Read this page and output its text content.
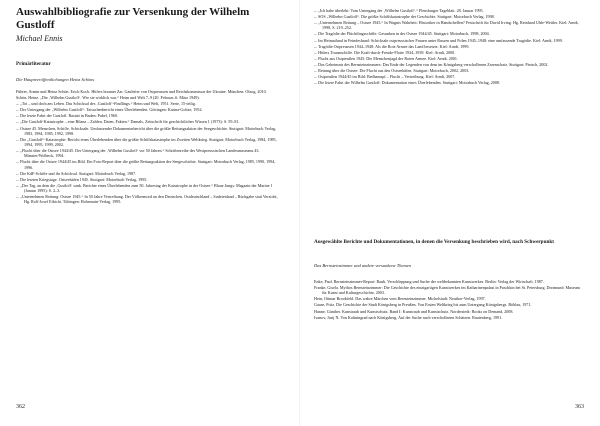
Auswahlbibliografie zur Versenkung der Wilhelm Gustloff
Michael Ennis
Primärliteratur
Die Hauptveröffentlichungen Heinz Schöns
Führer, Armin und Heinz Schön. Erich Koch. Hitlers brauner Zar. Gauleiter von Ostpreussen und Reichskommissar der Ukraine. München: Olzog, 2010.
Schön, Heinz. „Die ‚Wilhelm Gustloff‘. Wie sie wirklich war.“ Heim und Welt 7–9 (20. Februar–6. März 1949).
–. „Tot – und doch am Leben. Das Schicksal des ‚Gustloff‘-Findlings.“ Heim und Welt, 1951. Serie, 15-teilig.
–. Der Untergang der „Wilhelm Gustloff“: Tatsachenbericht eines Überlebenden. Göttingen: Karina-Goltze, 1952.
–. Die letzte Fahrt der Gustloff. Rastatt in Baden: Pabel, 1960.
–. „Die Gustloff-Katastrophe – eine Bilanz – Zahlen, Daten, Fakten.“ Damals, Zeitschrift für geschichtliches Wissen 1 (1973): S. 59–81.
–. Ostsee 45. Menschen, Schiffe, Schicksale. Umfassender Dokumentarbericht über die größte Rettungsaktion der Seegeschichte. Stuttgart: Motorbuch Verlag, 1983, 1984, 1985, 1992, 1998.
–. Die „Gustloff“-Katastrophe: Bericht eines Überlebenden über die größte Schiffskatastrophe im Zweiten Weltkrieg. Stuttgart: Motorbuch Verlag, 1984, 1985, 1994, 1995, 1999, 2002.
–. „Flucht über die Ostsee 1944/45. Der Untergang der ‚Wilhelm Gustloff‘ vor 50 Jahren.“ Schriftenreihe des Westpreussischen Landesmuseums 43. Münster/Wolbeck, 1994.
–. Flucht über die Ostsee 1944/45 im Bild. Ein Foto-Report über die größte Rettungsaktion der Seegeschichte. Stuttgart: Motorbuch Verlag, 1985, 1990, 1994, 1996.
–. Die KdF-Schiffe und ihr Schicksal. Stuttgart: Motorbuch Verlag, 1987.
–. Die letzten Kriegstage. Ostseehäfen 1945. Stuttgart: Motorbuch Verlag, 1995.
–. „Der Tag, an dem die ‚Gustloff‘ sank. Berichte eines Überlebenden zum 50. Jahrestag der Katastrophe in der Ostsee.“ Blaue Jungs: Magazin der Marine 1 (Januar 1995): S. 2–3.
–. „Unternehmen Rettung: Ostsee 1945.“ In 50 Jahre Vertreibung. Der Völkermord an den Deutschen. Ostdeutschland – Sudetenland – Rückgabe statt Verzicht, Hg. Rolf-Josef Eibicht. Tübingen: Hohenrain-Verlag, 1995.
362
–. „Ich habe überlebt: Vom Untergang der ‚Wilhelm Gustloff‘.“ Flensburger Tageblatt. 28. Januar 1995.
–. SOS „Wilhelm Gustloff“. Die größte Schiffskatastrophe der Geschichte. Stuttgart: Motorbuch Verlag, 1998.
–. „Unternehmen Rettung – Ostsee 1945.“ In Wagnis Wahrheit: Historiker in Handschellen? Festschrift für David Irving. Hg. Reinhard Uhle-Wettler. Kiel: Arndt, 1998, S. 219–252.
–. Die Tragödie der Flüchtlingsschiffe: Gesunken in der Ostsee 1944/45. Stuttgart: Motorbuch, 1998, 2004.
–. Im Heimatland in Feindeshand: Schicksale ostpreussischer Frauen unter Russen und Polen 1945–1948: eine umfassende Tragödie. Kiel: Arndt, 1999.
–. Tragödie Ostpreussen 1944–1948: Als die Rote Armee das Land besetzte. Kiel: Arndt, 1999.
–. Hitlers Traumschiffe. Die Kraft-durch-Freude-Flotte 1934–1939. Kiel: Arndt, 2000.
–. Flucht aus Ostpreußen 1945: Die Menschenjagd der Roten Armee. Kiel: Arndt, 2001.
–. Das Geheimnis des Bernsteinzimmers: Das Ende der Legenden von dem im Königsberg verschollenen Zarenschatz. Stuttgart: Pietsch, 2002.
–. Rettung über die Ostsee: Die Flucht aus den Ostseehäfen. Stuttgart: Motorbuch, 2002, 2003.
–. Ostpreußen 1944/45 im Bild: Bedhamspf – Flucht – Vertreibung. Kiel: Arndt, 2007.
–. Die letzte Fahrt der Wilhelm Gustloff: Dokumentation eines Überlebenden. Stuttgart: Motorbuch Verlag, 2008.
Ausgewählte Berichte und Dokumentationen, in denen die Versenkung beschrieben wird, nach Schwerpunkt
Das Bernsteinzimmer und andere versunkene Themen
Enke, Paul. Bernsteinzimmer-Report: Raub, Verschleppung und Suche der weltbekannten Kunstwerkes. Berlin: Verlag der Wirtschaft, 1987.
Franke, Gisela. Mythos Bernsteinzimmer: Die Geschichte des einzigartigen Kunstwerkes im Katharinenpalast in Puschkin bei St. Petersburg. Dortmund: Museum für Kunst und Kulturgeschichte, 2003.
Hein, Ottmar Brookfeld. Das wahre Märchen vom Bernsteinzimmer. Michelstadt: Neuthor-Verlag, 1997.
Gause, Fritz. Die Geschichte der Stadt Königsberg in Preußen. Von Ersten Weltkrieg bis zum Untergang Königsbergs. Böhlau, 1971.
Hanne, Günther. Kunstraub und Kunstschutz. Band I: Kunstraub und Kunstschutz. Norderstedt: Books on Demand, 2008.
Ivanov, Jurij N. Von Kaliningrad nach Königsberg. Auf der Suche nach verschollenen Schätzen. Rautenberg, 1991.
363
